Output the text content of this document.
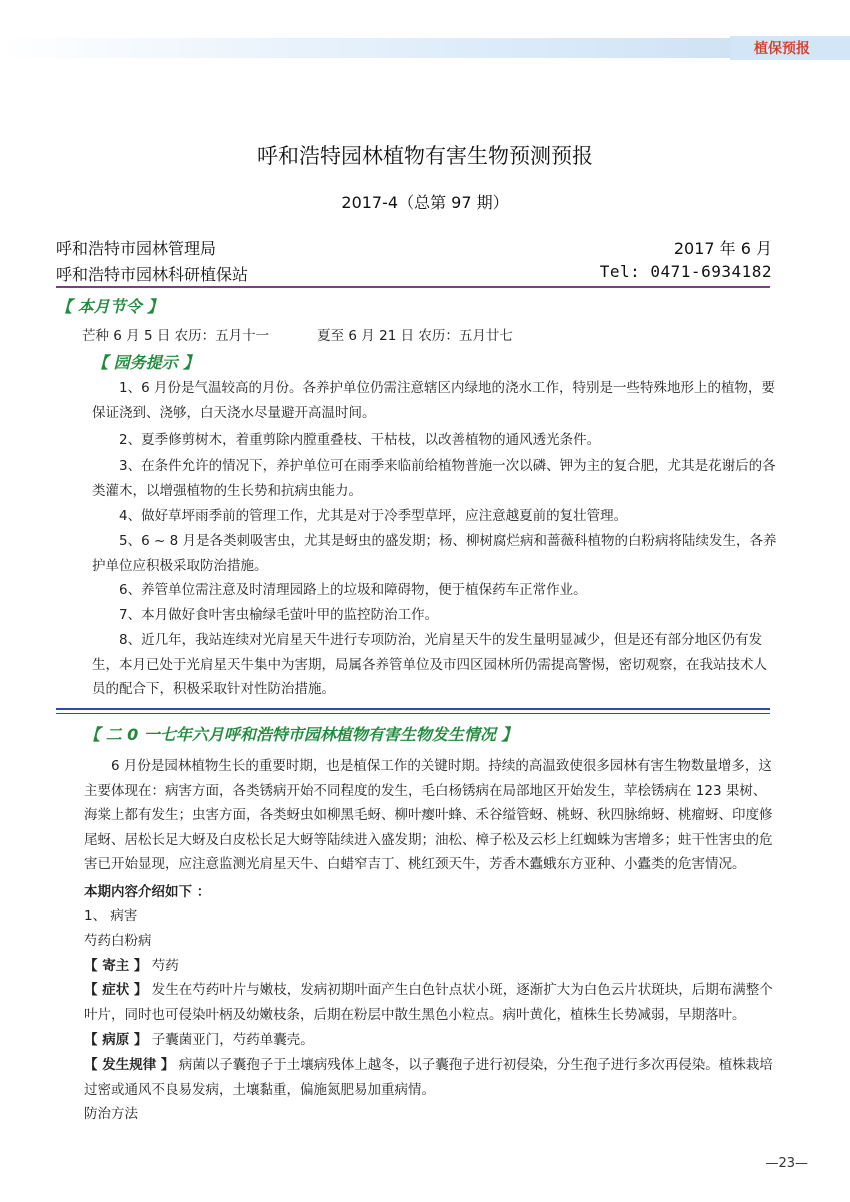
植保预报
呼和浩特园林植物有害生物预测预报
2017-4（总第 97 期）
呼和浩特市园林管理局	2017 年 6 月
呼和浩特市园林科研植保站	Tel: 0471-6934182
【 本月节令 】
芒种 6 月 5 日 农历：五月十一	夏至 6 月 21 日 农历：五月廿七
【 园务提示 】

1、6 月份是气温较高的月份。各养护单位仍需注意辖区内绿地的浇水工作，特别是一些特殊地形上的植物，要保证浇到、浇够，白天浇水尽量避开高温时间。

2、夏季修剪树木，着重剪除内膛重叠枝、干枯枝，以改善植物的通风透光条件。

3、在条件允许的情况下，养护单位可在雨季来临前给植物普施一次以磷、钾为主的复合肥，尤其是花谢后的各类灌木，以增强植物的生长势和抗病虫能力。

4、做好草坪雨季前的管理工作，尤其是对于冷季型草坪，应注意越夏前的复壮管理。

5、6 ~ 8 月是各类刺吸害虫，尤其是蚜虫的盛发期；杨、柳树腐烂病和蔷薇科植物的白粉病将陆续发生，各养护单位应积极采取防治措施。

6、养管单位需注意及时清理园路上的垃圾和障碍物，便于植保药车正常作业。

7、本月做好食叶害虫榆绿毛萤叶甲的监控防治工作。

8、近几年，我站连续对光肩星天牛进行专项防治，光肩星天牛的发生量明显减少，但是还有部分地区仍有发生，本月已处于光肩星天牛集中为害期，局属各养管单位及市四区园林所仍需提高警惕，密切观察，在我站技术人员的配合下，积极采取针对性防治措施。

【 二 0 一七年六月呼和浩特市园林植物有害生物发生情况 】

6 月份是园林植物生长的重要时期，也是植保工作的关键时期。持续的高温致使很多园林有害生物数量增多，这主要体现在：病害方面，各类锈病开始不同程度的发生，毛白杨锈病在局部地区开始发生，苹桧锈病在 123 果树、海棠上都有发生；虫害方面，各类蚜虫如柳黑毛蚜、柳叶瘿叶蜂、禾谷缢管蚜、桃蚜、秋四脉绵蚜、桃瘤蚜、印度修尾蚜、居松长足大蚜及白皮松长足大蚜等陆续进入盛发期；油松、樟子松及云杉上红蜘蛛为害增多；蛀干性害虫的危害已开始显现，应注意监测光肩星天牛、白蜡窄吉丁、桃红颈天牛，芳香木蠹蛾东方亚种、小蠹类的危害情况。

本期内容介绍如下 ：
1、 病害
芍药白粉病
【 寄主 】 芍药

【 症状 】 发生在芍药叶片与嫩枝，发病初期叶面产生白色针点状小斑，逐渐扩大为白色云片状斑块，后期布满整个叶片，同时也可侵染叶柄及幼嫩枝条，后期在粉层中散生黑色小粒点。病叶黄化，植株生长势减弱，早期落叶。

【 病原 】 子囊菌亚门，芍药单囊壳。

【 发生规律 】 病菌以子囊孢子于土壤病残体上越冬，以子囊孢子进行初侵染，分生孢子进行多次再侵染。植株栽培过密或通风不良易发病，土壤黏重，偏施氮肥易加重病情。

防治方法
—23—
